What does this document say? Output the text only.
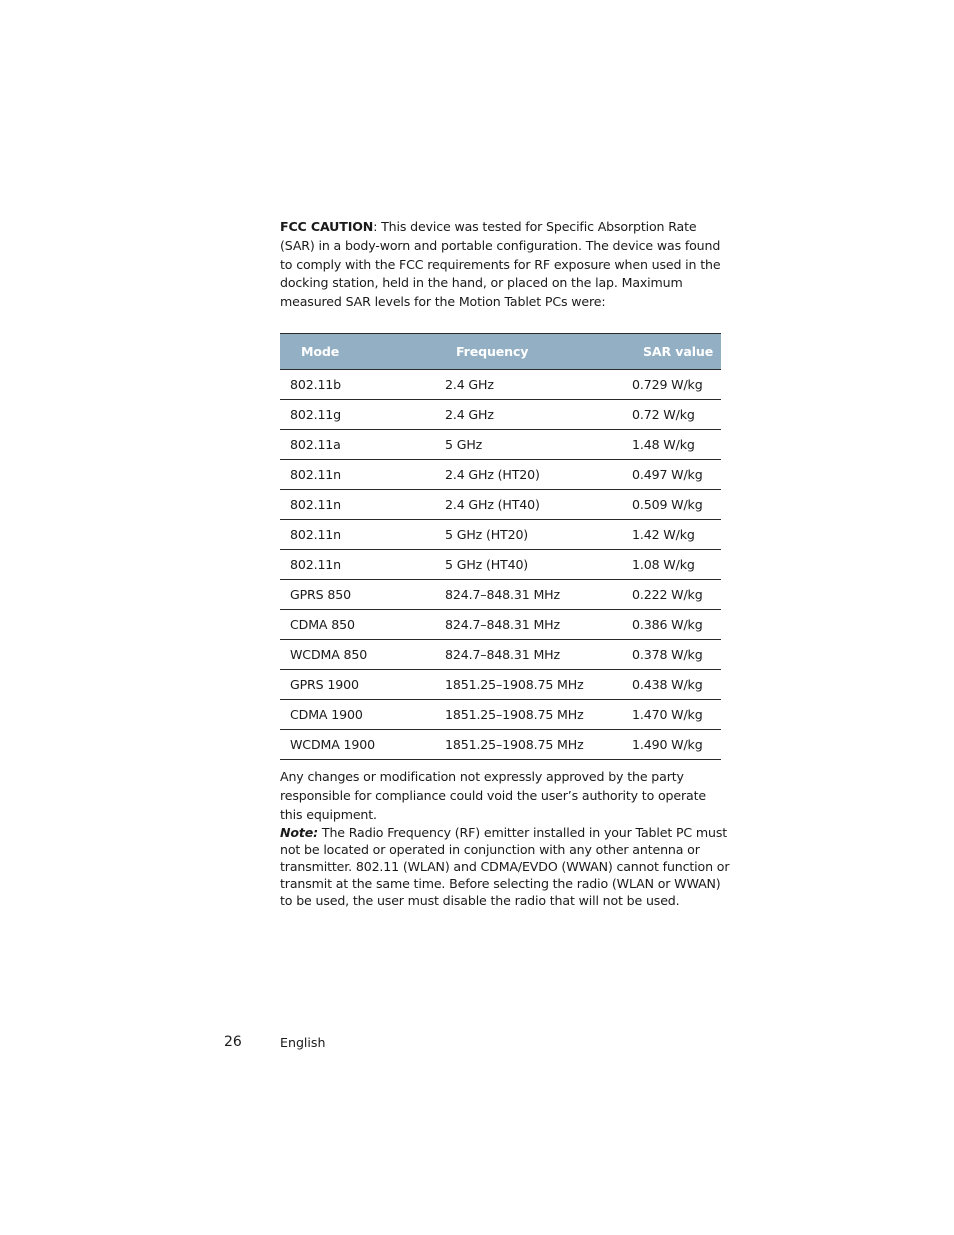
FCC CAUTION: This device was tested for Specific Absorption Rate (SAR) in a body-worn and portable configuration. The device was found to comply with the FCC requirements for RF exposure when used in the docking station, held in the hand, or placed on the lap. Maximum measured SAR levels for the Motion Tablet PCs were:

Mode	Frequency	SAR value
802.11b	2.4 GHz	0.729 W/kg
802.11g	2.4 GHz	0.72 W/kg
802.11a	5 GHz	1.48 W/kg
802.11n	2.4 GHz (HT20)	0.497 W/kg
802.11n	2.4 GHz (HT40)	0.509 W/kg
802.11n	5 GHz (HT20)	1.42 W/kg
802.11n	5 GHz (HT40)	1.08 W/kg
GPRS 850	824.7–848.31 MHz	0.222 W/kg
CDMA 850	824.7–848.31 MHz	0.386 W/kg
WCDMA 850	824.7–848.31 MHz	0.378 W/kg
GPRS 1900	1851.25–1908.75 MHz	0.438 W/kg
CDMA 1900	1851.25–1908.75 MHz	1.470 W/kg
WCDMA 1900	1851.25–1908.75 MHz	1.490 W/kg

Any changes or modification not expressly approved by the party responsible for compliance could void the user’s authority to operate this equipment.

Note: The Radio Frequency (RF) emitter installed in your Tablet PC must not be located or operated in conjunction with any other antenna or transmitter. 802.11 (WLAN) and CDMA/EVDO (WWAN) cannot function or transmit at the same time. Before selecting the radio (WLAN or WWAN) to be used, the user must disable the radio that will not be used.

26	English
